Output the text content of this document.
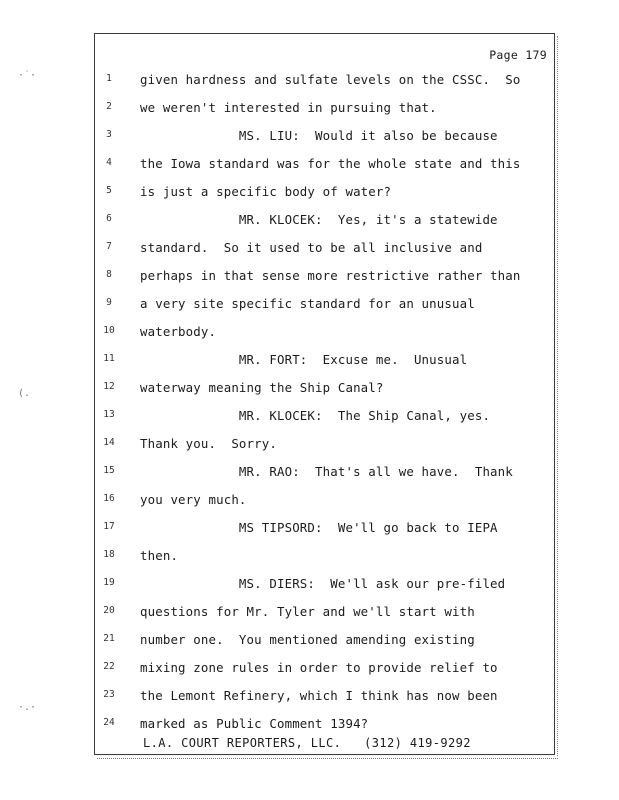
·˙·
(.
·.·
Page 179
1	given hardness and sulfate levels on the CSSC.  So
2	we weren't interested in pursuing that.
3	MS. LIU:  Would it also be because
4	the Iowa standard was for the whole state and this
5	is just a specific body of water?
6	MR. KLOCEK:  Yes, it's a statewide
7	standard.  So it used to be all inclusive and
8	perhaps in that sense more restrictive rather than
9	a very site specific standard for an unusual
10	waterbody.
11	MR. FORT:  Excuse me.  Unusual
12	waterway meaning the Ship Canal?
13	MR. KLOCEK:  The Ship Canal, yes.
14	Thank you.  Sorry.
15	MR. RAO:  That's all we have.  Thank
16	you very much.
17	MS TIPSORD:  We'll go back to IEPA
18	then.
19	MS. DIERS:  We'll ask our pre-filed
20	questions for Mr. Tyler and we'll start with
21	number one.  You mentioned amending existing
22	mixing zone rules in order to provide relief to
23	the Lemont Refinery, which I think has now been
24	marked as Public Comment 1394?
L.A. COURT REPORTERS, LLC.   (312) 419-9292
